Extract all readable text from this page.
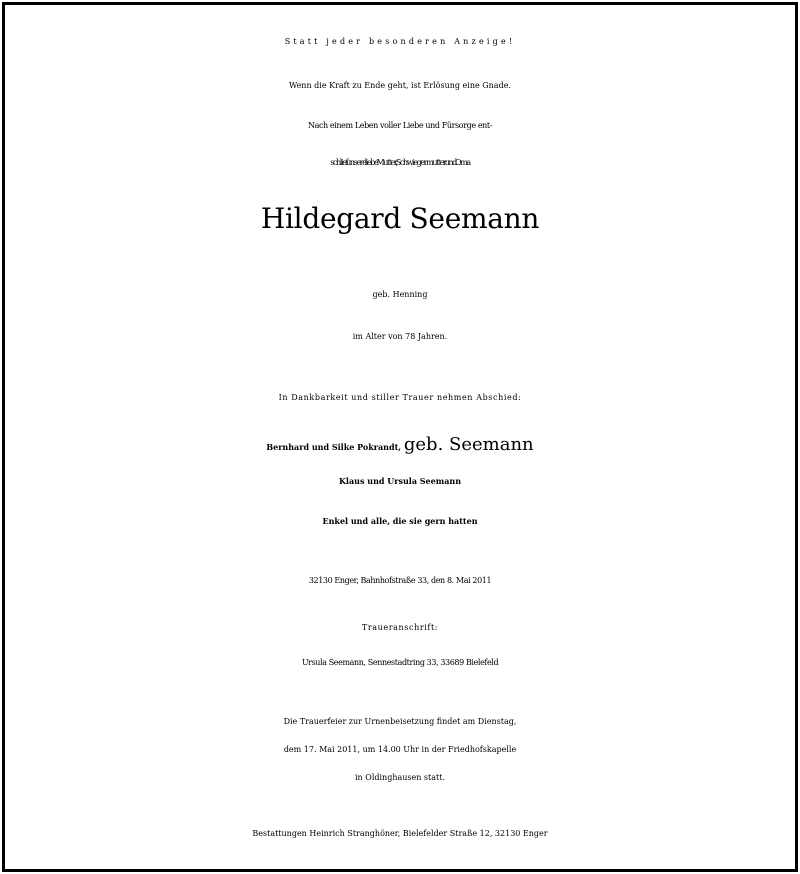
Statt jeder besonderen Anzeige!
Wenn die Kraft zu Ende geht, ist Erlösung eine Gnade.
Nach einem Leben voller Liebe und Fürsorge ent-
schlief unsere liebe Mutter, Schwiegermutter und Oma
Hildegard Seemann
geb. Henning
im Alter von 78 Jahren.
In Dankbarkeit und stiller Trauer nehmen Abschied:
Bernhard und Silke Pokrandt, geb. Seemann
Klaus und Ursula Seemann
Enkel und alle, die sie gern hatten
32130 Enger, Bahnhofstraße 33, den 8. Mai 2011
Traueranschrift:
Ursula Seemann, Sennestadtring 33, 33689 Bielefeld
Die Trauerfeier zur Urnenbeisetzung findet am Dienstag,
dem 17. Mai 2011, um 14.00 Uhr in der Friedhofskapelle
in Oldinghausen statt.
Bestattungen Heinrich Stranghöner, Bielefelder Straße 12, 32130 Enger
